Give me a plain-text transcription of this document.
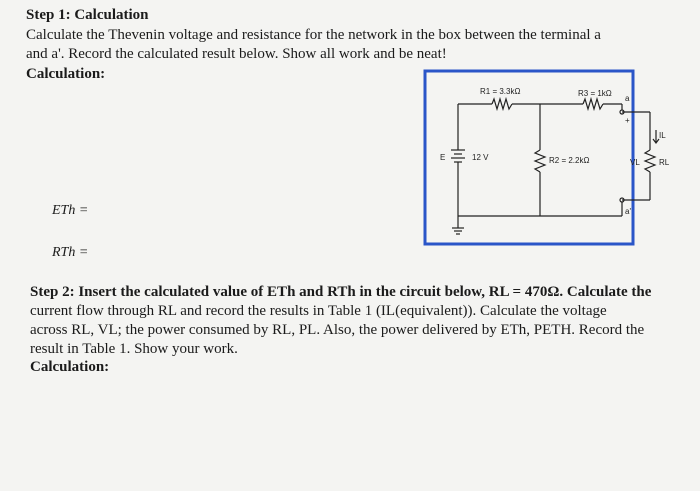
Step 1: Calculation
Calculate the Thevenin voltage and resistance for the network in the box between the terminal a
and a'. Record the calculated result below. Show all work and be neat!
Calculation:
ETh =
RTh =
R1 = 3.3kΩ	R3 = 1kΩ
R2 = 2.2kΩ
E	12 V
a
+
a'
IL
VL RL
Step 2: Insert the calculated value of ETh and RTh in the circuit below, RL = 470Ω. Calculate the
current flow through RL and record the results in Table 1 (IL(equivalent)). Calculate the voltage
across RL, VL; the power consumed by RL, PL. Also, the power delivered by ETh, PETH. Record the
result in Table 1. Show your work.
Calculation:
